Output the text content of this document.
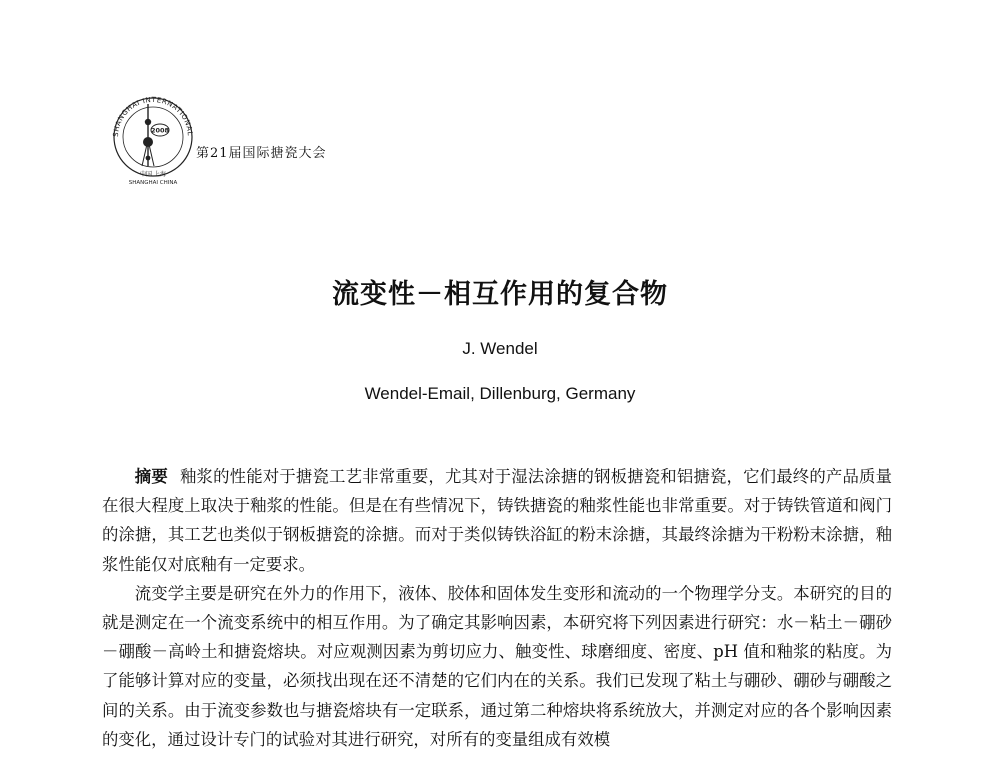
SHANGHAI INTERNATIONAL
2008
中国 上海
SHANGHAI CHINA
第21届国际搪瓷大会
流变性－相互作用的复合物
J. Wendel
Wendel-Email, Dillenburg, Germany

摘要 釉浆的性能对于搪瓷工艺非常重要，尤其对于湿法涂搪的钢板搪瓷和铝搪瓷，它们最终的产品质量在很大程度上取决于釉浆的性能。但是在有些情况下，铸铁搪瓷的釉浆性能也非常重要。对于铸铁管道和阀门的涂搪，其工艺也类似于钢板搪瓷的涂搪。而对于类似铸铁浴缸的粉末涂搪，其最终涂搪为干粉粉末涂搪，釉浆性能仅对底釉有一定要求。

流变学主要是研究在外力的作用下，液体、胶体和固体发生变形和流动的一个物理学分支。本研究的目的就是测定在一个流变系统中的相互作用。为了确定其影响因素，本研究将下列因素进行研究：水－粘土－硼砂－硼酸－高岭土和搪瓷熔块。对应观测因素为剪切应力、触变性、球磨细度、密度、pH 值和釉浆的粘度。为了能够计算对应的变量，必须找出现在还不清楚的它们内在的关系。我们已发现了粘土与硼砂、硼砂与硼酸之间的关系。由于流变参数也与搪瓷熔块有一定联系，通过第二种熔块将系统放大，并测定对应的各个影响因素的变化，通过设计专门的试验对其进行研究，对所有的变量组成有效模
